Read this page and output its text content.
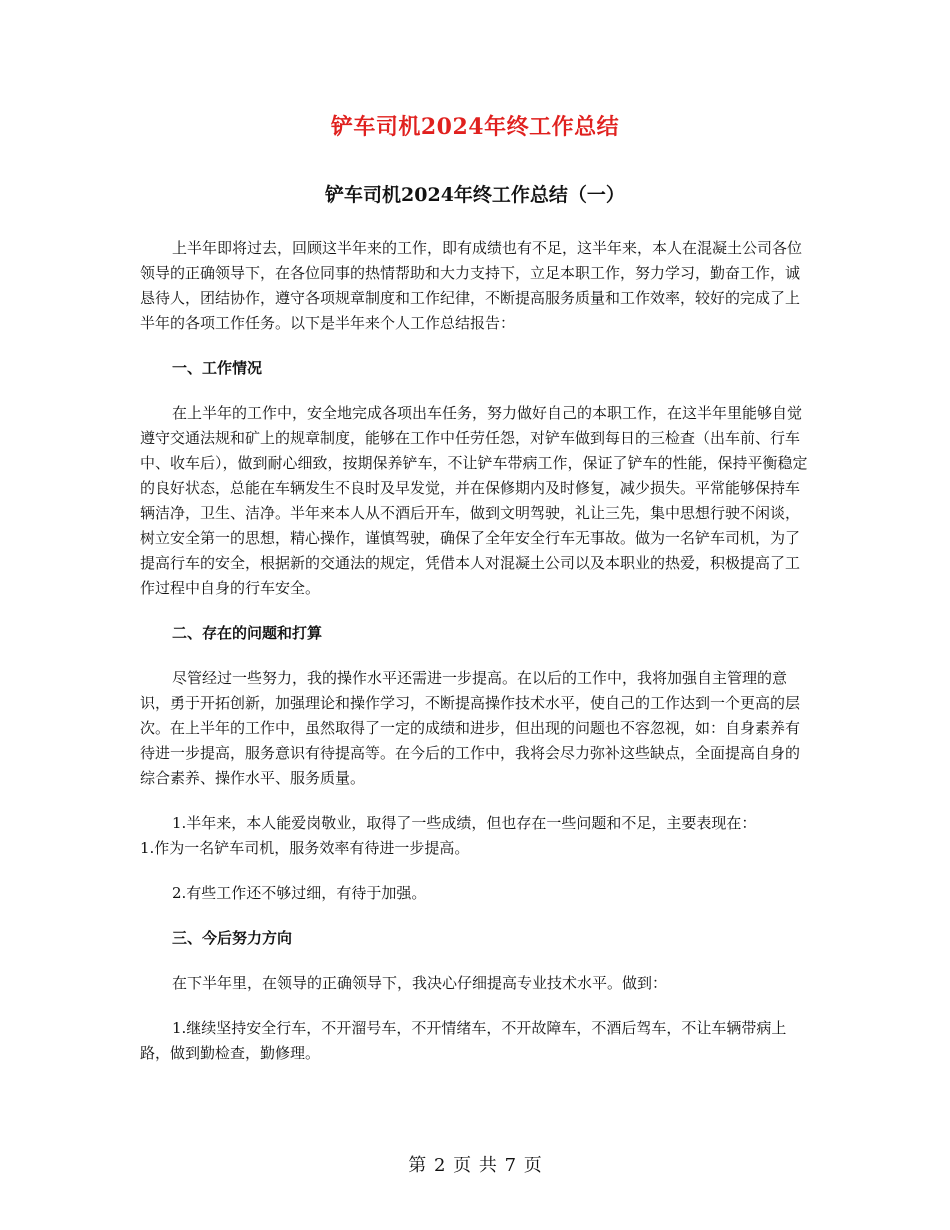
铲车司机2024年终工作总结
铲车司机2024年终工作总结（一）

上半年即将过去，回顾这半年来的工作，即有成绩也有不足，这半年来，本人在混凝土公司各位领导的正确领导下，在各位同事的热情帮助和大力支持下，立足本职工作，努力学习，勤奋工作，诚恳待人，团结协作，遵守各项规章制度和工作纪律，不断提高服务质量和工作效率，较好的完成了上半年的各项工作任务。以下是半年来个人工作总结报告：

一、工作情况

在上半年的工作中，安全地完成各项出车任务，努力做好自己的本职工作，在这半年里能够自觉遵守交通法规和矿上的规章制度，能够在工作中任劳任怨，对铲车做到每日的三检查（出车前、行车中、收车后），做到耐心细致，按期保养铲车，不让铲车带病工作，保证了铲车的性能，保持平衡稳定的良好状态，总能在车辆发生不良时及早发觉，并在保修期内及时修复，减少损失。平常能够保持车辆洁净，卫生、洁净。半年来本人从不酒后开车，做到文明驾驶，礼让三先，集中思想行驶不闲谈，树立安全第一的思想，精心操作，谨慎驾驶，确保了全年安全行车无事故。做为一名铲车司机，为了提高行车的安全，根据新的交通法的规定，凭借本人对混凝土公司以及本职业的热爱，积极提高了工作过程中自身的行车安全。

二、存在的问题和打算

尽管经过一些努力，我的操作水平还需进一步提高。在以后的工作中，我将加强自主管理的意识，勇于开拓创新，加强理论和操作学习，不断提高操作技术水平，使自己的工作达到一个更高的层次。在上半年的工作中，虽然取得了一定的成绩和进步，但出现的问题也不容忽视，如：自身素养有待进一步提高，服务意识有待提高等。在今后的工作中，我将会尽力弥补这些缺点，全面提高自身的综合素养、操作水平、服务质量。

1.半年来，本人能爱岗敬业，取得了一些成绩，但也存在一些问题和不足，主要表现在：

1.作为一名铲车司机，服务效率有待进一步提高。

2.有些工作还不够过细，有待于加强。

三、今后努力方向

在下半年里，在领导的正确领导下，我决心仔细提高专业技术水平。做到：

1.继续坚持安全行车，不开溜号车，不开情绪车，不开故障车，不酒后驾车，不让车辆带病上路，做到勤检查，勤修理。

第 2 页 共 7 页
